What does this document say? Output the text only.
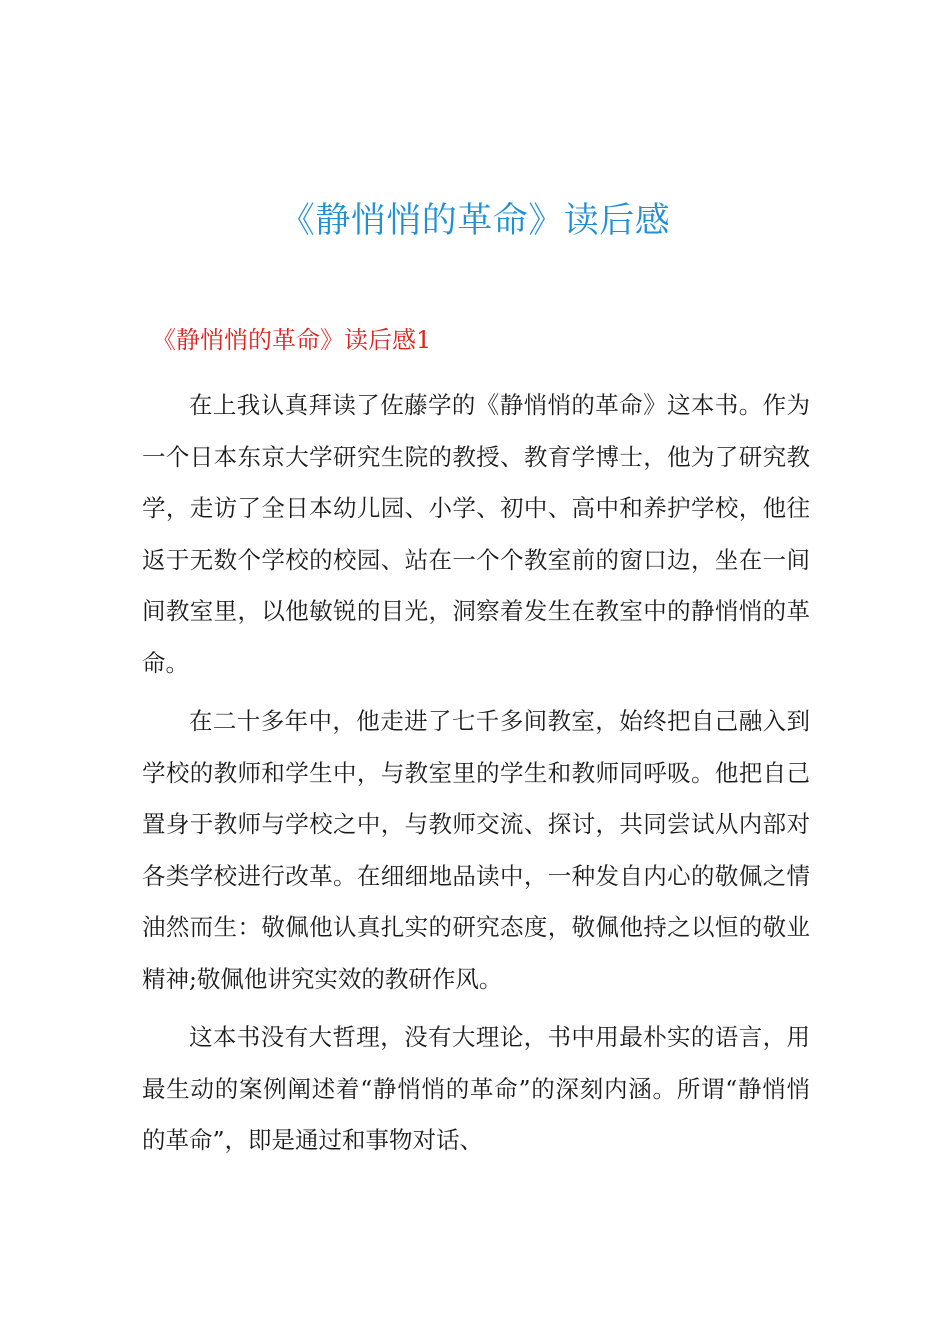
《静悄悄的革命》读后感
《静悄悄的革命》读后感1

在上我认真拜读了佐藤学的《静悄悄的革命》这本书。作为一个日本东京大学研究生院的教授、教育学博士，他为了研究教学，走访了全日本幼儿园、小学、初中、高中和养护学校，他往返于无数个学校的校园、站在一个个教室前的窗口边，坐在一间间教室里，以他敏锐的目光，洞察着发生在教室中的静悄悄的革命。

在二十多年中，他走进了七千多间教室，始终把自己融入到学校的教师和学生中，与教室里的学生和教师同呼吸。他把自己置身于教师与学校之中，与教师交流、探讨，共同尝试从内部对各类学校进行改革。在细细地品读中，一种发自内心的敬佩之情油然而生：敬佩他认真扎实的研究态度，敬佩他持之以恒的敬业精神;敬佩他讲究实效的教研作风。

这本书没有大哲理，没有大理论，书中用最朴实的语言，用最生动的案例阐述着“静悄悄的革命”的深刻内涵。所谓“静悄悄的革命”，即是通过和事物对话、
